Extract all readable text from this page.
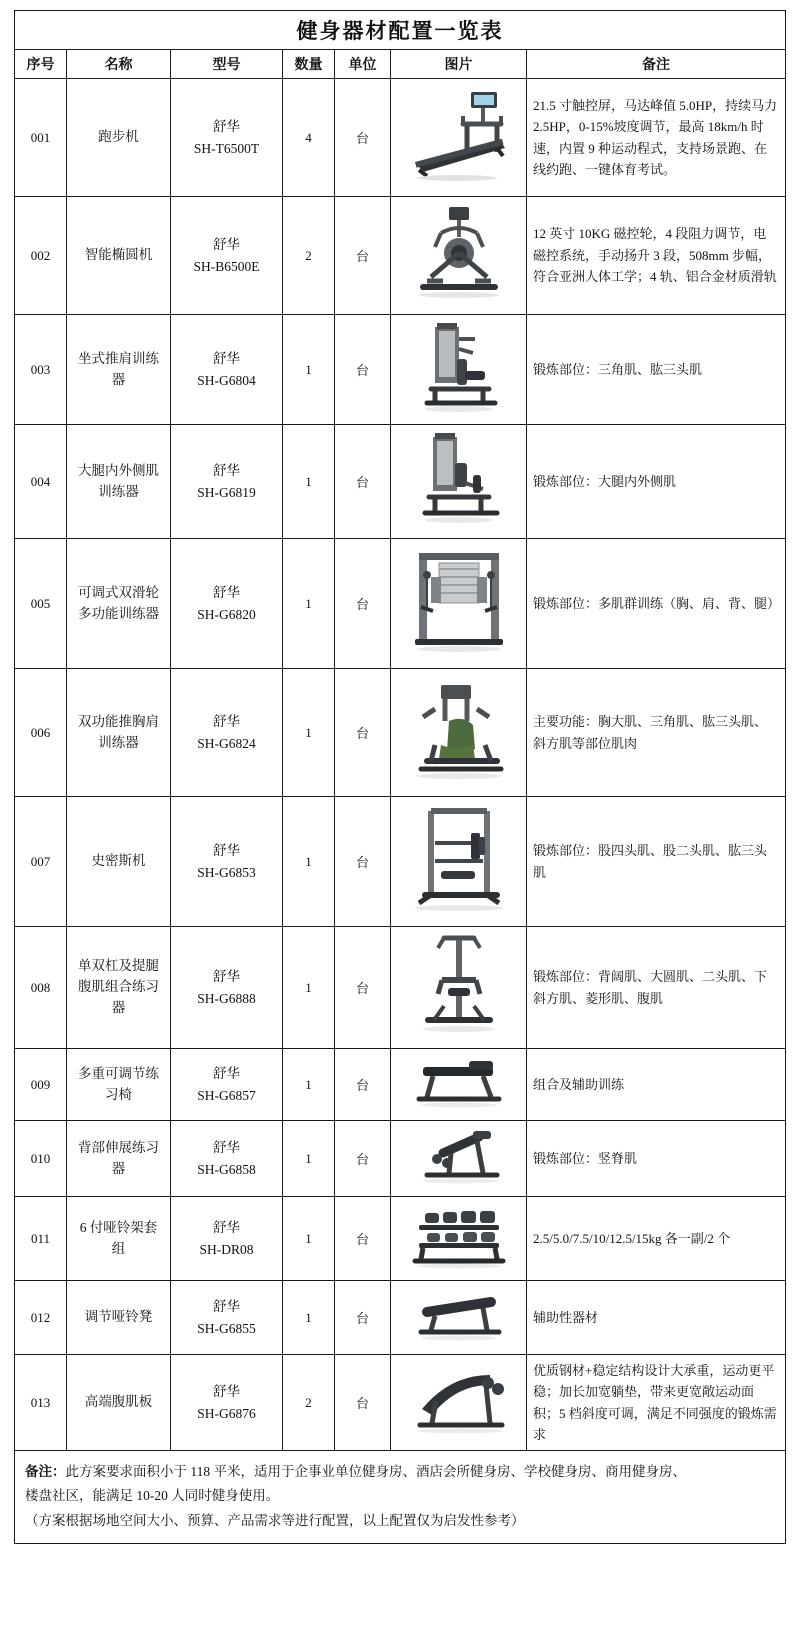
健身器材配置一览表						
序号	名称	型号	数量	单位	图片	备注
001	跑步机	舒华
SH-T6500T	4	台		21.5 寸触控屏，马达峰值 5.0HP，持续马力 2.5HP，0-15%坡度调节，最高 18km/h 时速，内置 9 种运动程式，支持场景跑、在线约跑、一键体育考试。
002	智能椭圆机	舒华
SH-B6500E	2	台		12 英寸 10KG 磁控轮，4 段阻力调节，电磁控系统，手动扬升 3 段，508mm 步幅，符合亚洲人体工学；4 轨、铝合金材质滑轨
003	坐式推肩训练器	舒华
SH-G6804	1	台		锻炼部位：三角肌、肱三头肌
004	大腿内外侧肌训练器	舒华
SH-G6819	1	台		锻炼部位：大腿内外侧肌
005	可调式双滑轮多功能训练器	舒华
SH-G6820	1	台		锻炼部位：多肌群训练（胸、肩、背、腿）
006	双功能推胸肩训练器	舒华
SH-G6824	1	台		主要功能：胸大肌、三角肌、肱三头肌、斜方肌等部位肌肉
007	史密斯机	舒华
SH-G6853	1	台		锻炼部位：股四头肌、股二头肌、肱三头肌
008	单双杠及提腿腹肌组合练习器	舒华
SH-G6888	1	台		锻炼部位：背阔肌、大圆肌、二头肌、下斜方肌、菱形肌、腹肌
009	多重可调节练习椅	舒华
SH-G6857	1	台		组合及辅助训练
010	背部伸展练习器	舒华
SH-G6858	1	台		锻炼部位：竖脊肌
011	6 付哑铃架套组	舒华
SH-DR08	1	台		2.5/5.0/7.5/10/12.5/15kg 各一副/2 个
012	调节哑铃凳	舒华
SH-G6855	1	台		辅助性器材
013	高端腹肌板	舒华
SH-G6876	2	台		优质钢材+稳定结构设计大承重，运动更平稳；加长加宽躺垫，带来更宽敞运动面积；5 档斜度可调，满足不同强度的锻炼需求
备注：此方案要求面积小于 118 平米，适用于企事业单位健身房、酒店会所健身房、学校健身房、商用健身房、
楼盘社区，能满足 10-20 人同时健身使用。
（方案根据场地空间大小、预算、产品需求等进行配置，以上配置仅为启发性参考）
